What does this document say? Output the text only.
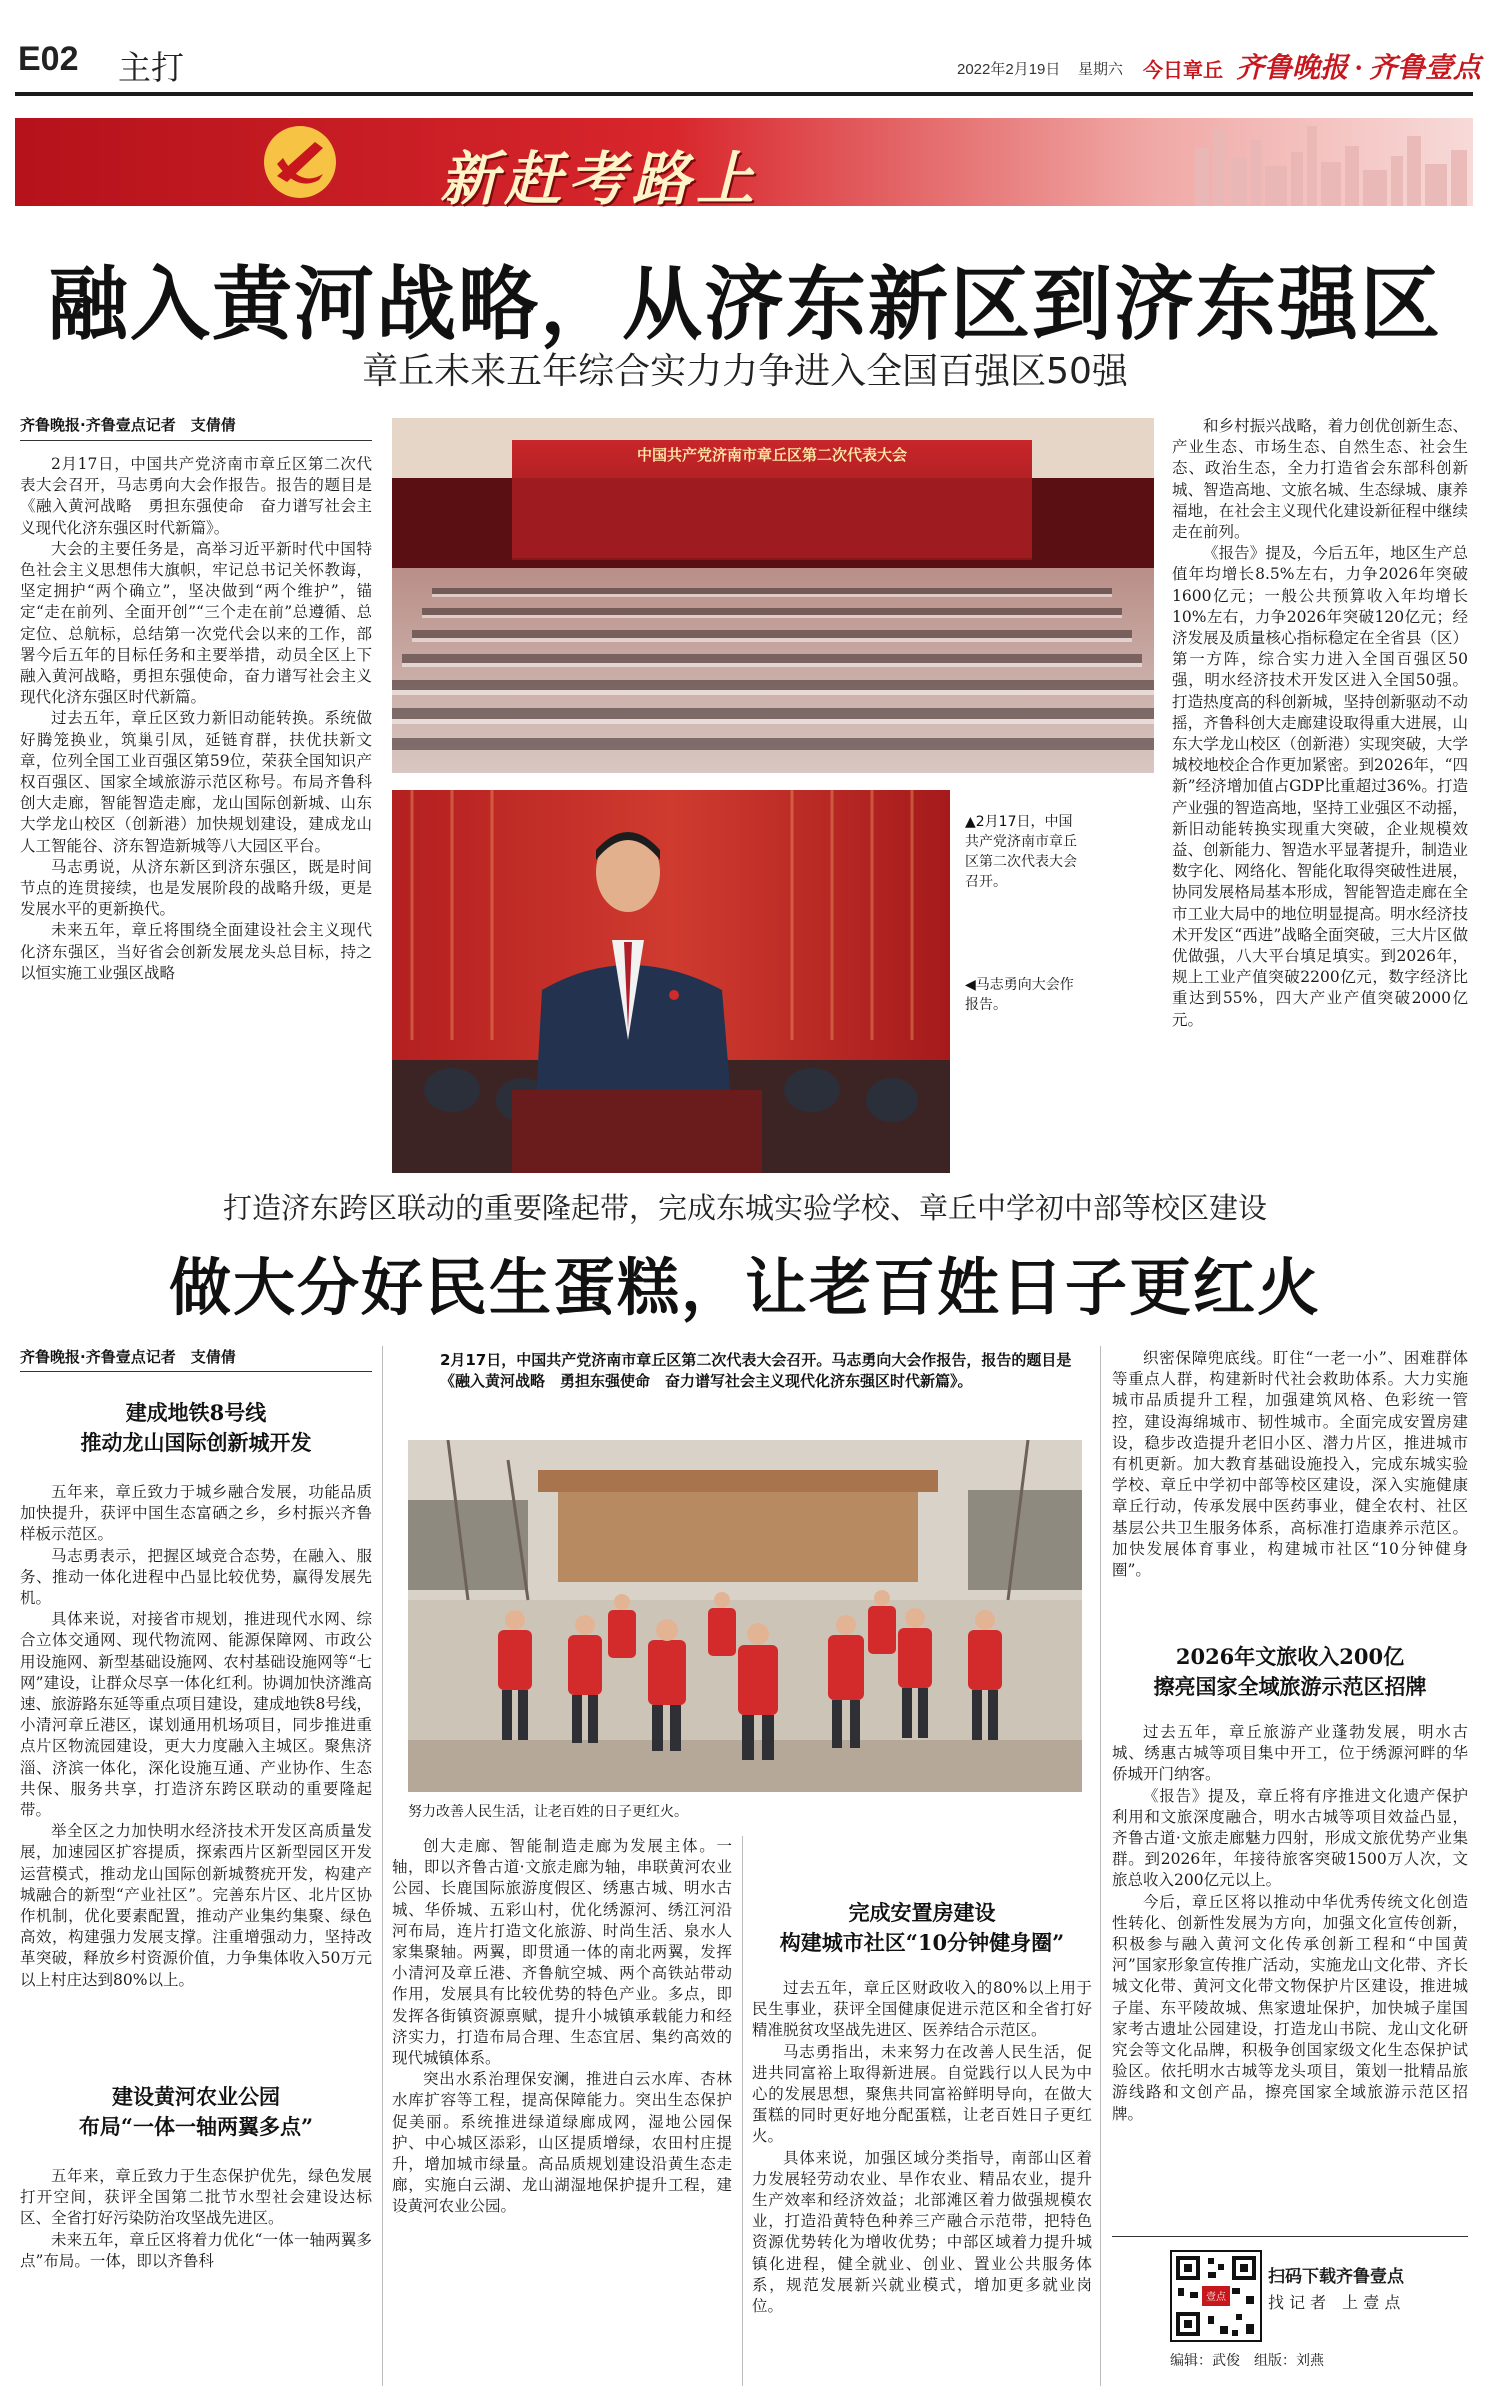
E02 主打	2022年2月19日 星期六 今日章丘 齐鲁晚报 · 齐鲁壹点
新赶考路上
融入黄河战略，从济东新区到济东强区
章丘未来五年综合实力力争进入全国百强区50强
齐鲁晚报·齐鲁壹点记者　支倩倩

2月17日，中国共产党济南市章丘区第二次代表大会召开，马志勇向大会作报告。报告的题目是《融入黄河战略　勇担东强使命　奋力谱写社会主义现代化济东强区时代新篇》。

大会的主要任务是，高举习近平新时代中国特色社会主义思想伟大旗帜，牢记总书记关怀教诲，坚定拥护“两个确立”，坚决做到“两个维护”，锚定“走在前列、全面开创”“三个走在前”总遵循、总定位、总航标，总结第一次党代会以来的工作，部署今后五年的目标任务和主要举措，动员全区上下融入黄河战略，勇担东强使命，奋力谱写社会主义现代化济东强区时代新篇。

过去五年，章丘区致力新旧动能转换。系统做好腾笼换业，筑巢引凤，延链育群，扶优扶新文章，位列全国工业百强区第59位，荣获全国知识产权百强区、国家全域旅游示范区称号。布局齐鲁科创大走廊，智能智造走廊，龙山国际创新城、山东大学龙山校区（创新港）加快规划建设，建成龙山人工智能谷、济东智造新城等八大园区平台。

马志勇说，从济东新区到济东强区，既是时间节点的连贯接续，也是发展阶段的战略升级，更是发展水平的更新换代。

未来五年，章丘将围绕全面建设社会主义现代化济东强区，当好省会创新发展龙头总目标，持之以恒实施工业强区战略

中国共产党济南市章丘区第二次代表大会
▲2月17日，中国共产党济南市章丘区第二次代表大会召开。
◀马志勇向大会作报告。

和乡村振兴战略，着力创优创新生态、产业生态、市场生态、自然生态、社会生态、政治生态，全力打造省会东部科创新城、智造高地、文旅名城、生态绿城、康养福地，在社会主义现代化建设新征程中继续走在前列。

《报告》提及，今后五年，地区生产总值年均增长8.5%左右，力争2026年突破1600亿元；一般公共预算收入年均增长10%左右，力争2026年突破120亿元；经济发展及质量核心指标稳定在全省县（区）第一方阵，综合实力进入全国百强区50强，明水经济技术开发区进入全国50强。打造热度高的科创新城，坚持创新驱动不动摇，齐鲁科创大走廊建设取得重大进展，山东大学龙山校区（创新港）实现突破，大学城校地校企合作更加紧密。到2026年，“四新”经济增加值占GDP比重超过36%。打造产业强的智造高地，坚持工业强区不动摇，新旧动能转换实现重大突破，企业规模效益、创新能力、智造水平显著提升，制造业数字化、网络化、智能化取得突破性进展，协同发展格局基本形成，智能智造走廊在全市工业大局中的地位明显提高。明水经济技术开发区“西进”战略全面突破，三大片区做优做强，八大平台填足填实。到2026年，规上工业产值突破2200亿元，数字经济比重达到55%，四大产业产值突破2000亿元。

打造济东跨区联动的重要隆起带，完成东城实验学校、章丘中学初中部等校区建设
做大分好民生蛋糕，让老百姓日子更红火
齐鲁晚报·齐鲁壹点记者　支倩倩
建成地铁8号线
推动龙山国际创新城开发

五年来，章丘致力于城乡融合发展，功能品质加快提升，获评中国生态富硒之乡，乡村振兴齐鲁样板示范区。

马志勇表示，把握区域竞合态势，在融入、服务、推动一体化进程中凸显比较优势，赢得发展先机。

具体来说，对接省市规划，推进现代水网、综合立体交通网、现代物流网、能源保障网、市政公用设施网、新型基础设施网、农村基础设施网等“七网”建设，让群众尽享一体化红利。协调加快济潍高速、旅游路东延等重点项目建设，建成地铁8号线，小清河章丘港区，谋划通用机场项目，同步推进重点片区物流园建设，更大力度融入主城区。聚焦济淄、济滨一体化，深化设施互通、产业协作、生态共保、服务共享，打造济东跨区联动的重要隆起带。

举全区之力加快明水经济技术开发区高质量发展，加速园区扩容提质，探索西片区新型园区开发运营模式，推动龙山国际创新城赘疣开发，构建产城融合的新型“产业社区”。完善东片区、北片区协作机制，优化要素配置，推动产业集约集聚、绿色高效，构建强力发展支撑。注重增强动力，坚持改革突破，释放乡村资源价值，力争集体收入50万元以上村庄达到80%以上。

建设黄河农业公园
布局“一体一轴两翼多点”

五年来，章丘致力于生态保护优先，绿色发展打开空间，获评全国第二批节水型社会建设达标区、全省打好污染防治攻坚战先进区。

未来五年，章丘区将着力优化“一体一轴两翼多点”布局。一体，即以齐鲁科

2月17日，中国共产党济南市章丘区第二次代表大会召开。马志勇向大会作报告，报告的题目是《融入黄河战略　勇担东强使命　奋力谱写社会主义现代化济东强区时代新篇》。
努力改善人民生活，让老百姓的日子更红火。

创大走廊、智能制造走廊为发展主体。一轴，即以齐鲁古道·文旅走廊为轴，串联黄河农业公园、长鹿国际旅游度假区、绣惠古城、明水古城、华侨城、五彩山村，优化绣源河、绣江河沿河布局，连片打造文化旅游、时尚生活、泉水人家集聚轴。两翼，即贯通一体的南北两翼，发挥小清河及章丘港、齐鲁航空城、两个高铁站带动作用，发展具有比较优势的特色产业。多点，即发挥各街镇资源禀赋，提升小城镇承载能力和经济实力，打造布局合理、生态宜居、集约高效的现代城镇体系。

突出水系治理保安澜，推进白云水库、杏林水库扩容等工程，提高保障能力。突出生态保护促美丽。系统推进绿道绿廊成网，湿地公园保护、中心城区添彩，山区提质增绿，农田村庄提升，增加城市绿量。高品质规划建设沿黄生态走廊，实施白云湖、龙山湖湿地保护提升工程，建设黄河农业公园。

完成安置房建设
构建城市社区“10分钟健身圈”

过去五年，章丘区财政收入的80%以上用于民生事业，获评全国健康促进示范区和全省打好精准脱贫攻坚战先进区、医养结合示范区。

马志勇指出，未来努力在改善人民生活，促进共同富裕上取得新进展。自觉践行以人民为中心的发展思想，聚焦共同富裕鲜明导向，在做大蛋糕的同时更好地分配蛋糕，让老百姓日子更红火。

具体来说，加强区域分类指导，南部山区着力发展轻劳动农业、旱作农业、精品农业，提升生产效率和经济效益；北部滩区着力做强规模农业，打造沿黄特色种养三产融合示范带，把特色资源优势转化为增收优势；中部区域着力提升城镇化进程，健全就业、创业、置业公共服务体系，规范发展新兴就业模式，增加更多就业岗位。

织密保障兜底线。盯住“一老一小”、困难群体等重点人群，构建新时代社会救助体系。大力实施城市品质提升工程，加强建筑风格、色彩统一管控，建设海绵城市、韧性城市。全面完成安置房建设，稳步改造提升老旧小区、潜力片区，推进城市有机更新。加大教育基础设施投入，完成东城实验学校、章丘中学初中部等校区建设，深入实施健康章丘行动，传承发展中医药事业，健全农村、社区基层公共卫生服务体系，高标准打造康养示范区。加快发展体育事业，构建城市社区“10分钟健身圈”。

2026年文旅收入200亿
擦亮国家全域旅游示范区招牌

过去五年，章丘旅游产业蓬勃发展，明水古城、绣惠古城等项目集中开工，位于绣源河畔的华侨城开门纳客。

《报告》提及，章丘将有序推进文化遗产保护利用和文旅深度融合，明水古城等项目效益凸显，齐鲁古道·文旅走廊魅力四射，形成文旅优势产业集群。到2026年，年接待旅客突破1500万人次，文旅总收入200亿元以上。

今后，章丘区将以推动中华优秀传统文化创造性转化、创新性发展为方向，加强文化宣传创新，积极参与融入黄河文化传承创新工程和“中国黄河”国家形象宣传推广活动，实施龙山文化带、齐长城文化带、黄河文化带文物保护片区建设，推进城子崖、东平陵故城、焦家遗址保护，加快城子崖国家考古遗址公园建设，打造龙山书院、龙山文化研究会等文化品牌，积极争创国家级文化生态保护试验区。依托明水古城等龙头项目，策划一批精品旅游线路和文创产品，擦亮国家全域旅游示范区招牌。

壹点
扫码下载齐鲁壹点
找 记 者　上 壹 点
编辑：武俊　组版：刘燕
